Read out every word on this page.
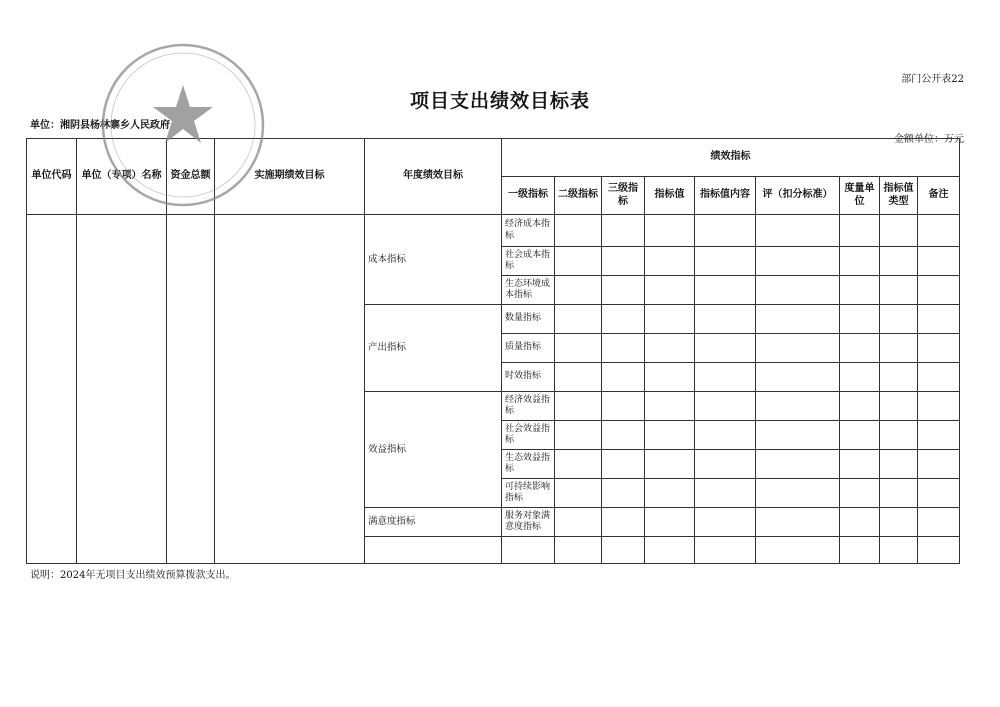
部门公开表22
项目支出绩效目标表
单位：湘阴县杨林寨乡人民政府
金额单位：万元
单位代码	单位（专项）名称	资金总额	实施期绩效目标	年度绩效目标	绩效指标								
					一级指标	二级指标	三级指标	指标值	指标值内容	评（扣分标准）	度量单位	指标值类型	备注
				成本指标	经济成本指标								
					社会成本指标								
					生态环境成本指标								
				产出指标	数量指标								
					质量指标								
					时效指标								
				效益指标	经济效益指标								
					社会效益指标								
					生态效益指标								
					可持续影响指标								
				满意度指标	服务对象满意度指标								

说明：2024年无项目支出绩效预算拨款支出。
